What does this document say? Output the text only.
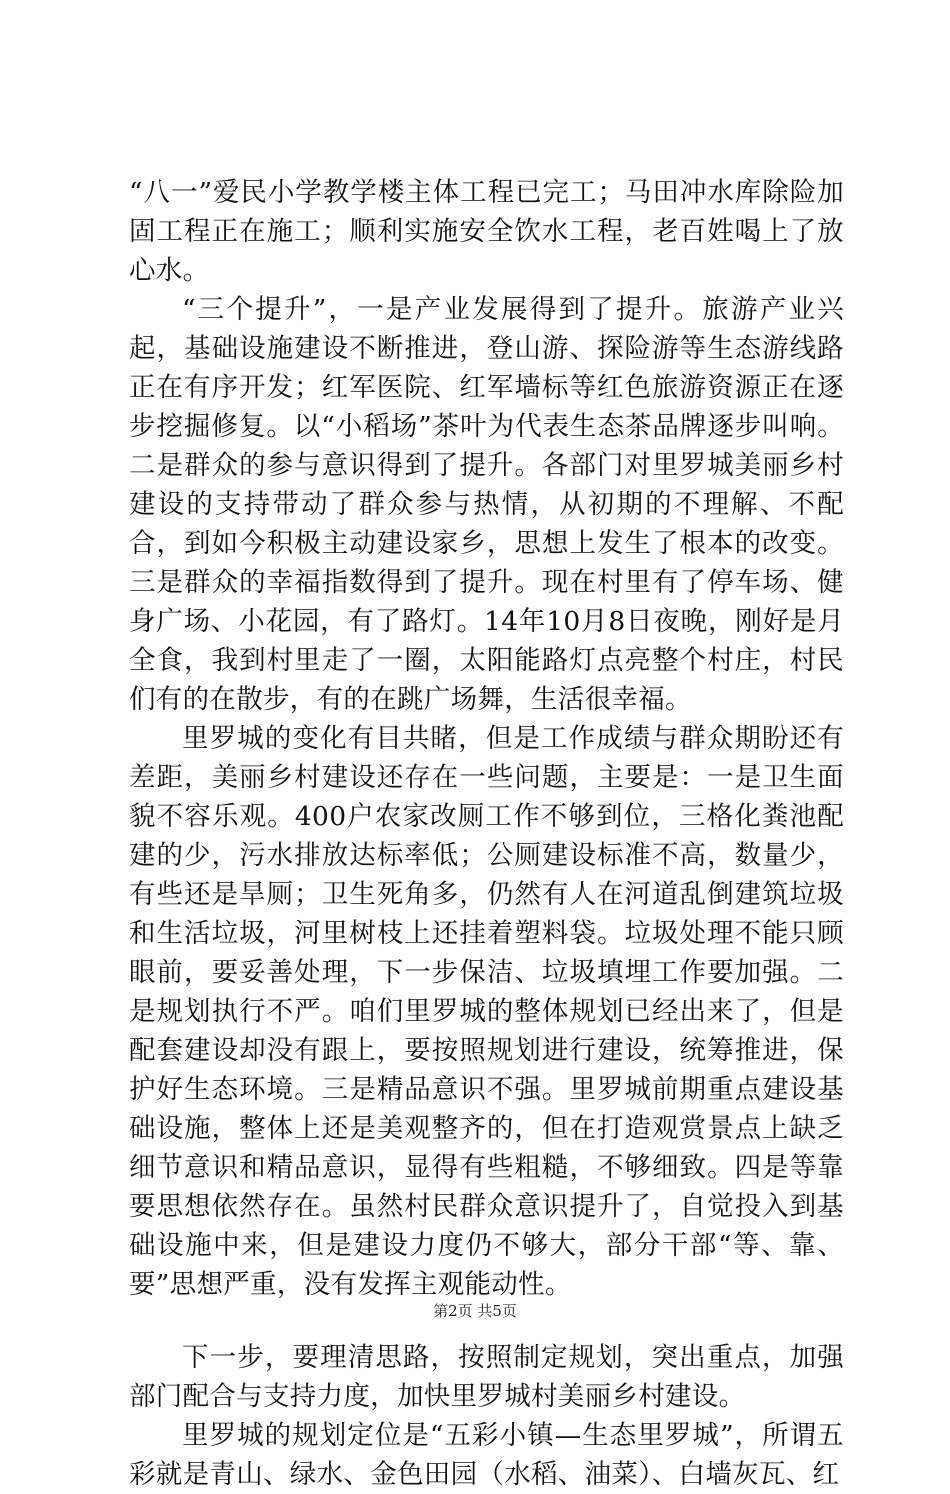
“八一”爱民小学教学楼主体工程已完工；马田冲水库除险加固工程正在施工；顺利实施安全饮水工程，老百姓喝上了放心水。

“三个提升”，一是产业发展得到了提升。旅游产业兴起，基础设施建设不断推进，登山游、探险游等生态游线路正在有序开发；红军医院、红军墙标等红色旅游资源正在逐步挖掘修复。以“小稻场”茶叶为代表生态茶品牌逐步叫响。二是群众的参与意识得到了提升。各部门对里罗城美丽乡村建设的支持带动了群众参与热情，从初期的不理解、不配合，到如今积极主动建设家乡，思想上发生了根本的改变。三是群众的幸福指数得到了提升。现在村里有了停车场、健身广场、小花园，有了路灯。14年10月8日夜晚，刚好是月全食，我到村里走了一圈，太阳能路灯点亮整个村庄，村民们有的在散步，有的在跳广场舞，生活很幸福。

里罗城的变化有目共睹，但是工作成绩与群众期盼还有差距，美丽乡村建设还存在一些问题，主要是：一是卫生面貌不容乐观。400户农家改厕工作不够到位，三格化粪池配建的少，污水排放达标率低；公厕建设标准不高，数量少，有些还是旱厕；卫生死角多，仍然有人在河道乱倒建筑垃圾和生活垃圾，河里树枝上还挂着塑料袋。垃圾处理不能只顾眼前，要妥善处理，下一步保洁、垃圾填埋工作要加强。二是规划执行不严。咱们里罗城的整体规划已经出来了，但是配套建设却没有跟上，要按照规划进行建设，统筹推进，保护好生态环境。三是精品意识不强。里罗城前期重点建设基础设施，整体上还是美观整齐的，但在打造观赏景点上缺乏细节意识和精品意识，显得有些粗糙，不够细致。四是等靠要思想依然存在。虽然村民群众意识提升了，自觉投入到基础设施中来，但是建设力度仍不够大，部分干部“等、靠、要”思想严重，没有发挥主观能动性。

下一步，要理清思路，按照制定规划，突出重点，加强部门配合与支持力度，加快里罗城村美丽乡村建设。

里罗城的规划定位是“五彩小镇—生态里罗城”，所谓五彩就是青山、绿水、金色田园（水稻、油菜）、白墙灰瓦、红

第2页 共5页
